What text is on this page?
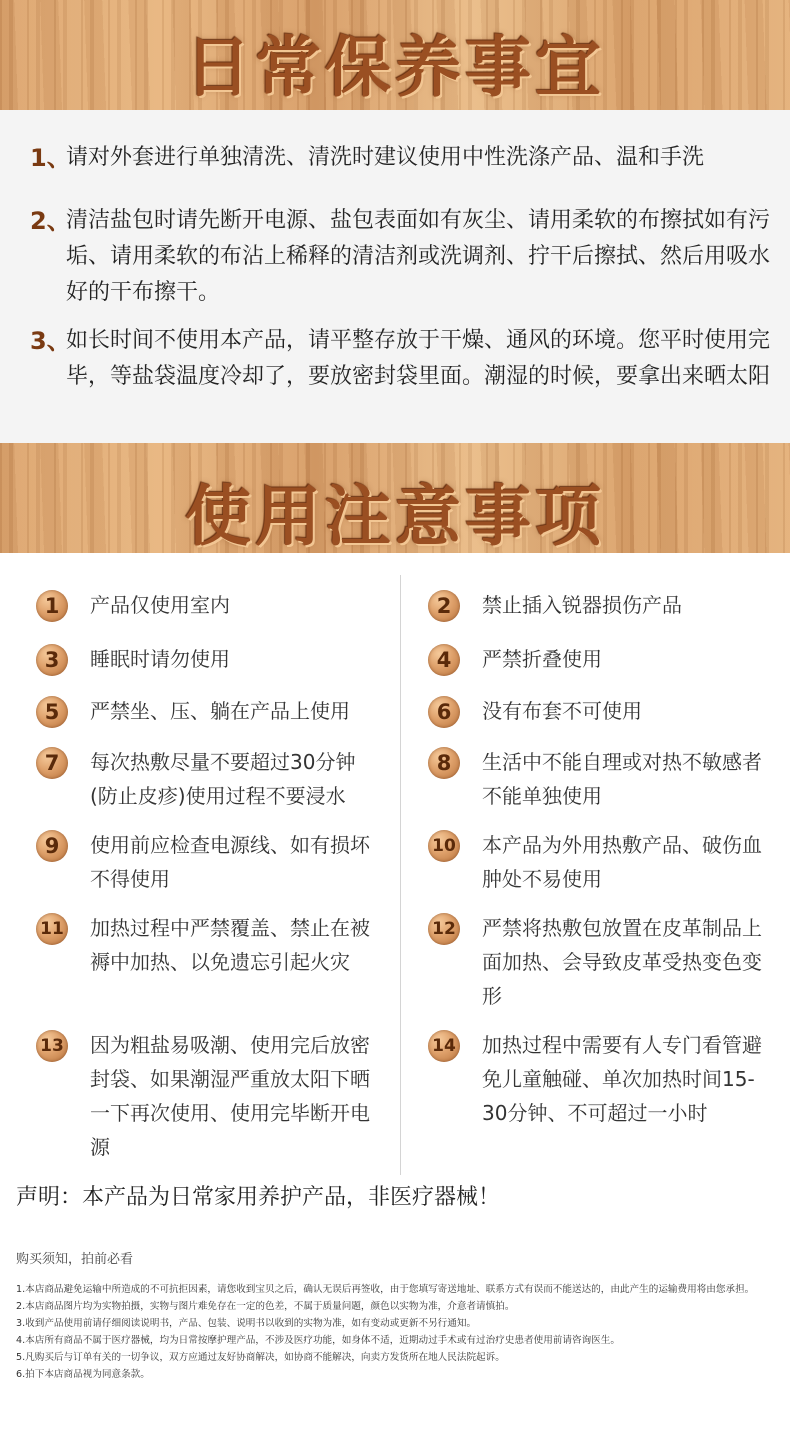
日常保养事宜
1、
请对外套进行单独清洗、清洗时建议使用中性洗涤产品、温和手洗
2、
清洁盐包时请先断开电源、盐包表面如有灰尘、请用柔软的布擦拭如有污垢、请用柔软的布沾上稀释的清洁剂或洗调剂、拧干后擦拭、然后用吸水好的干布擦干。
3、
如长时间不使用本产品，请平整存放于干燥、通风的环境。您平时使用完毕，等盐袋温度冷却了，要放密封袋里面。潮湿的时候，要拿出来晒太阳
使用注意事项
1	产品仅使用室内	2	禁止插入锐器损伤产品
3	睡眠时请勿使用	4	严禁折叠使用
5	严禁坐、压、躺在产品上使用	6	没有布套不可使用
7	每次热敷尽量不要超过30分钟(防止皮疹)使用过程不要浸水
8	生活中不能自理或对热不敏感者不能单独使用
9	使用前应检查电源线、如有损坏不得使用
10 本产品为外用热敷产品、破伤血肿处不易使用
11 加热过程中严禁覆盖、禁止在被褥中加热、以免遗忘引起火灾
12 严禁将热敷包放置在皮革制品上面加热、会导致皮革受热变色变形
13 因为粗盐易吸潮、使用完后放密封袋、如果潮湿严重放太阳下晒一下再次使用、使用完毕断开电源
14 加热过程中需要有人专门看管避免儿童触碰、单次加热时间15-30分钟、不可超过一小时
声明：本产品为日常家用养护产品，非医疗器械！
购买须知，拍前必看
1.本店商品避免运输中所造成的不可抗拒因素，请您收到宝贝之后，确认无误后再签收，由于您填写寄送地址、联系方式有误而不能送达的，由此产生的运输费用将由您承担。
2.本店商品图片均为实物拍摄，实物与图片难免存在一定的色差，不属于质量问题，颜色以实物为准，介意者请慎拍。
3.收到产品使用前请仔细阅读说明书，产品、包装、说明书以收到的实物为准，如有变动或更新不另行通知。
4.本店所有商品不属于医疗器械，均为日常按摩护理产品，不涉及医疗功能，如身体不适，近期动过手术或有过治疗史患者使用前请咨询医生。
5.凡购买后与订单有关的一切争议，双方应通过友好协商解决，如协商不能解决，向卖方发货所在地人民法院起诉。
6.拍下本店商品视为同意条款。
